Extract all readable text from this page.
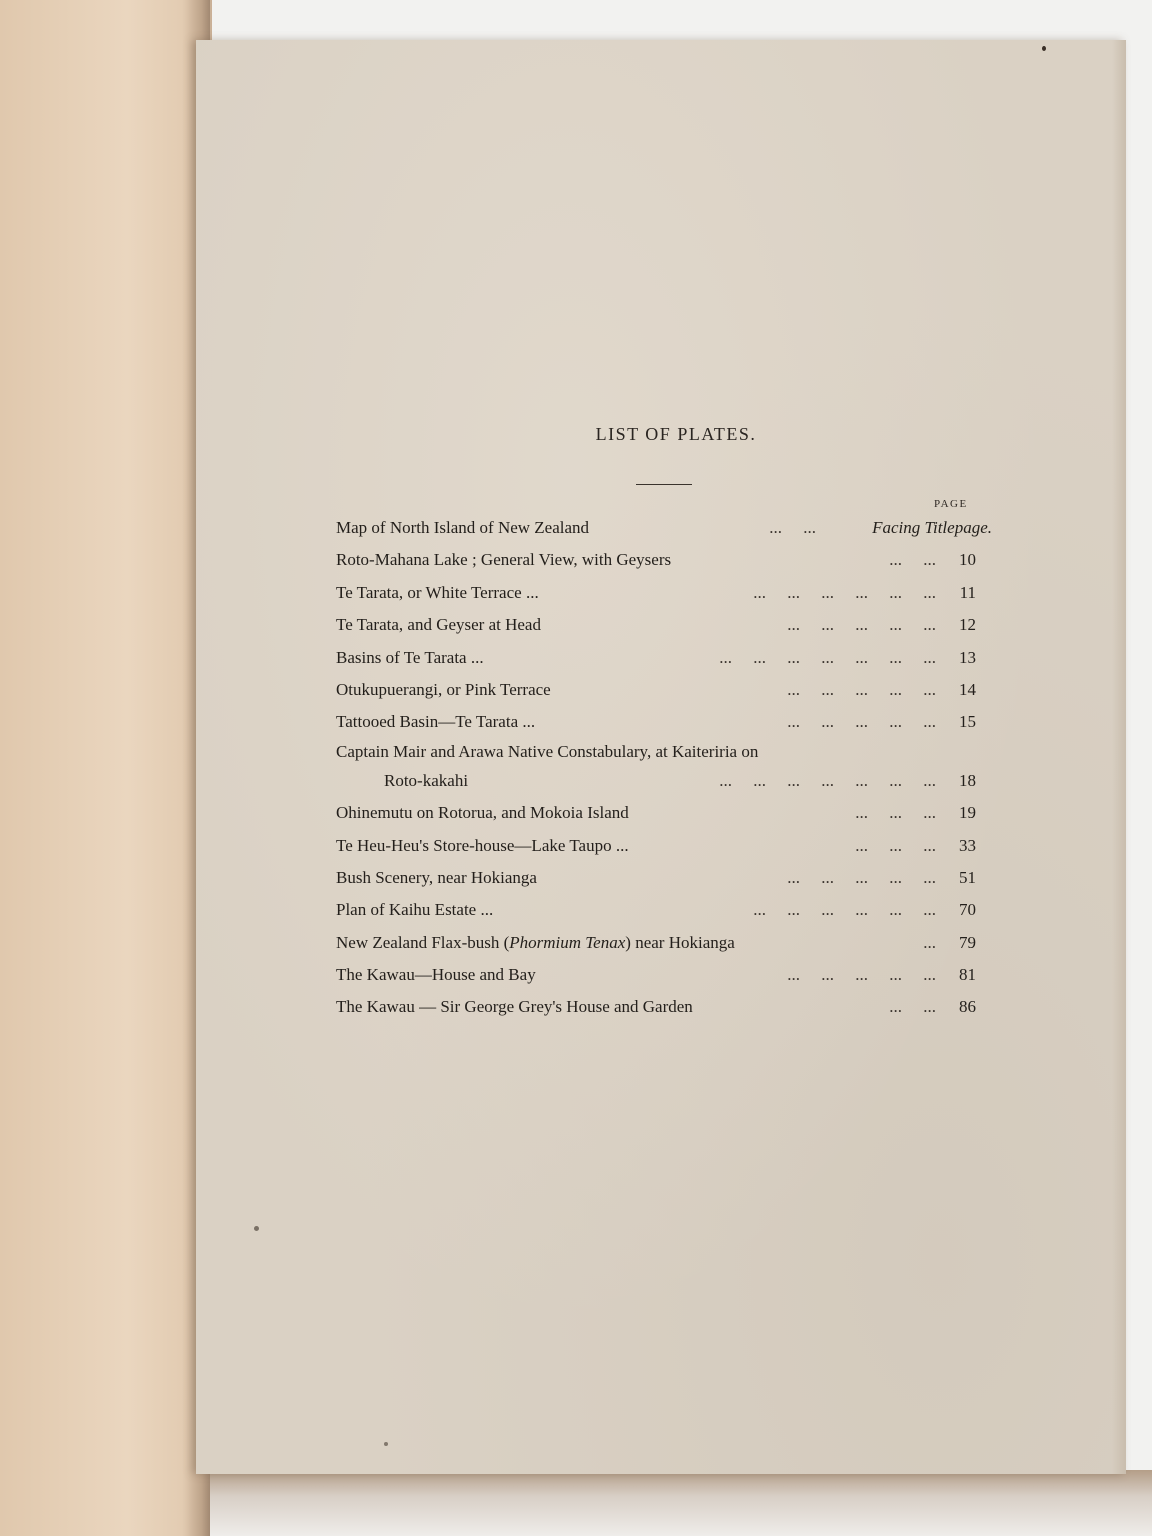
LIST OF PLATES.
PAGE
Map of North Island of New Zealand	...     ...	Facing Titlepage.
Roto-Mahana Lake ; General View, with Geysers	...     ...	10
Te Tarata, or White Terrace ...	...     ...     ...     ...     ...     ...	11
Te Tarata, and Geyser at Head	...     ...     ...     ...     ...	12
Basins of Te Tarata ...	...     ...     ...     ...     ...     ...     ...	13
Otukupuerangi, or Pink Terrace	...     ...     ...     ...     ...	14
Tattooed Basin—Te Tarata ...	...     ...     ...     ...     ...	15
Captain Mair and Arawa Native Constabulary, at Kaiteriria on
Roto-kakahi	...     ...     ...     ...     ...     ...     ...	18
Ohinemutu on Rotorua, and Mokoia Island	...     ...     ...	19
Te Heu-Heu's Store-house—Lake Taupo ...	...     ...     ...	33
Bush Scenery, near Hokianga	...     ...     ...     ...     ...	51
Plan of Kaihu Estate ...	...     ...     ...     ...     ...     ...	70
New Zealand Flax-bush (Phormium Tenax) near Hokianga	...	79
The Kawau—House and Bay	...     ...     ...     ...     ...	81
The Kawau — Sir George Grey's House and Garden	...     ...	86
